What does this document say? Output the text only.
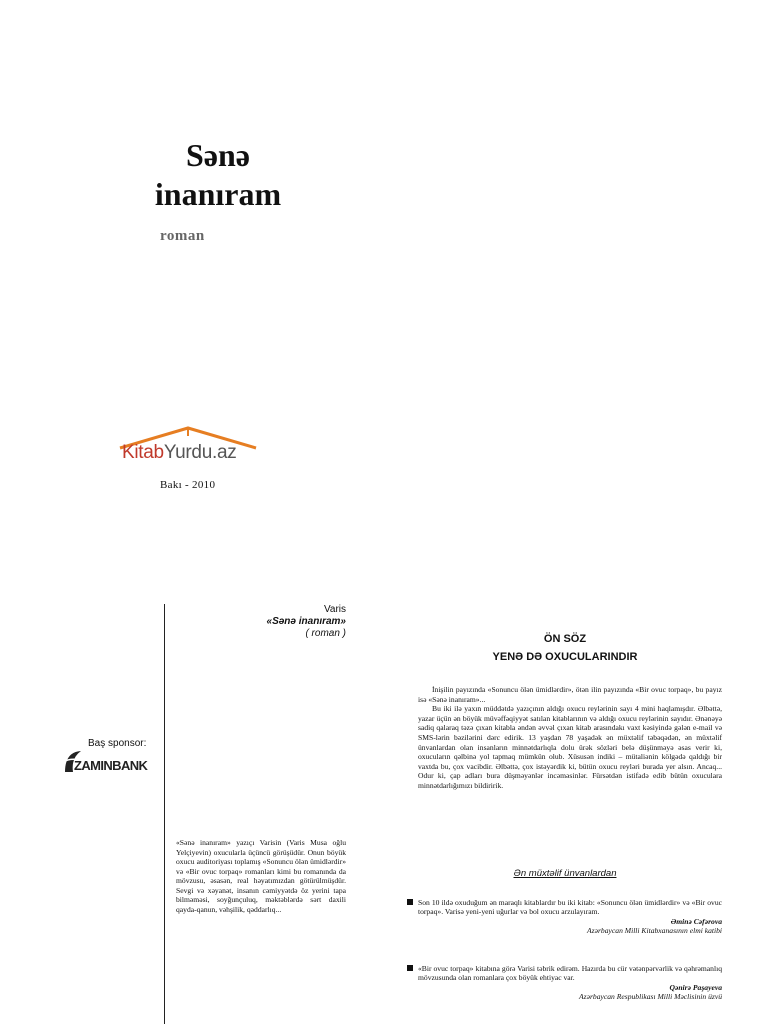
Sənə
inanıram
roman
KitabYurdu.az
Bakı - 2010
Varis
«Sənə inanıram»
( roman )
Baş sponsor:
ZAMINBANK
«Sənə inanıram» yazıçı Varisin (Varis Musa oğlu Yelçiyevin) oxucularla üçüncü görüşüdür. Onun böyük oxucu auditoriyası toplamış «Sonuncu ölən ümidlərdir» və «Bir ovuc torpaq» romanları kimi bu romanında da mövzusu, əsasən, real həyatımızdan götürülmüşdür. Sevgi və xəyanət, insanın cəmiyyətdə öz yerini tapa bilməməsi, soyğunçuluq, məktəblərdə sərt daxili qayda-qanun, vəhşilik, qəddarlıq...
ÖN SÖZ
YENƏ DƏ OXUCULARINDIR

İnişilin payızında «Sonuncu ölən ümidlərdir», ötən ilin payızında «Bir ovuc torpaq», bu payız isə «Sənə inanıram»...

Bu iki ilə yaxın müddətdə yazıçının aldığı oxucu reylərinin sayı 4 mini haqlamışdır. Əlbəttə, yazar üçün ən böyük müvəffəqiyyət satılan kitablarının və aldığı oxucu reylərinin sayıdır. Ənənəyə sadiq qalaraq təzə çıxan kitabla əndən əvvəl çıxan kitab arasındakı vaxt kəsiyində gələn e-mail və SMS-lərin bəzilərini dərc edirik. 13 yaşdan 78 yaşadək ən müxtəlif təbəqədən, ən müxtəlif ünvanlardan olan insanların minnətdarlıqla dolu ürək sözləri belə düşünməyə əsas verir ki, oxucuların qəlbinə yol tapmaq mümkün olub. Xüsusən indiki – mütaliənin kölgədə qaldığı bir vaxtda bu, çox vacibdir. Əlbəttə, çox istəyərdik ki, bütün oxucu reyləri burada yer alsın. Ancaq... Odur ki, çap adları bura düşməyənlər incəməsinlər. Fürsətdən istifadə edib bütün oxuculara minnətdarlığımızı bildiririk.

Ən müxtəlif ünvanlardan
Son 10 ildə oxuduğum ən maraqlı kitablardır bu iki kitab: «Sonuncu ölən ümidlərdir» və «Bir ovuc torpaq». Varisə yeni-yeni uğurlar və bol oxucu arzulayıram.
Əminə Cəfərova
Azərbaycan Milli Kitabxanasının elmi katibi
«Bir ovuc torpaq» kitabına görə Varisi təbrik edirəm. Hazırda bu cür vətənpərvərlik və qəhrəmanlıq mövzusunda olan romanlara çox böyük ehtiyac var.
Qənirə Paşayeva
Azərbaycan Respublikası Milli Məclisinin üzvü
